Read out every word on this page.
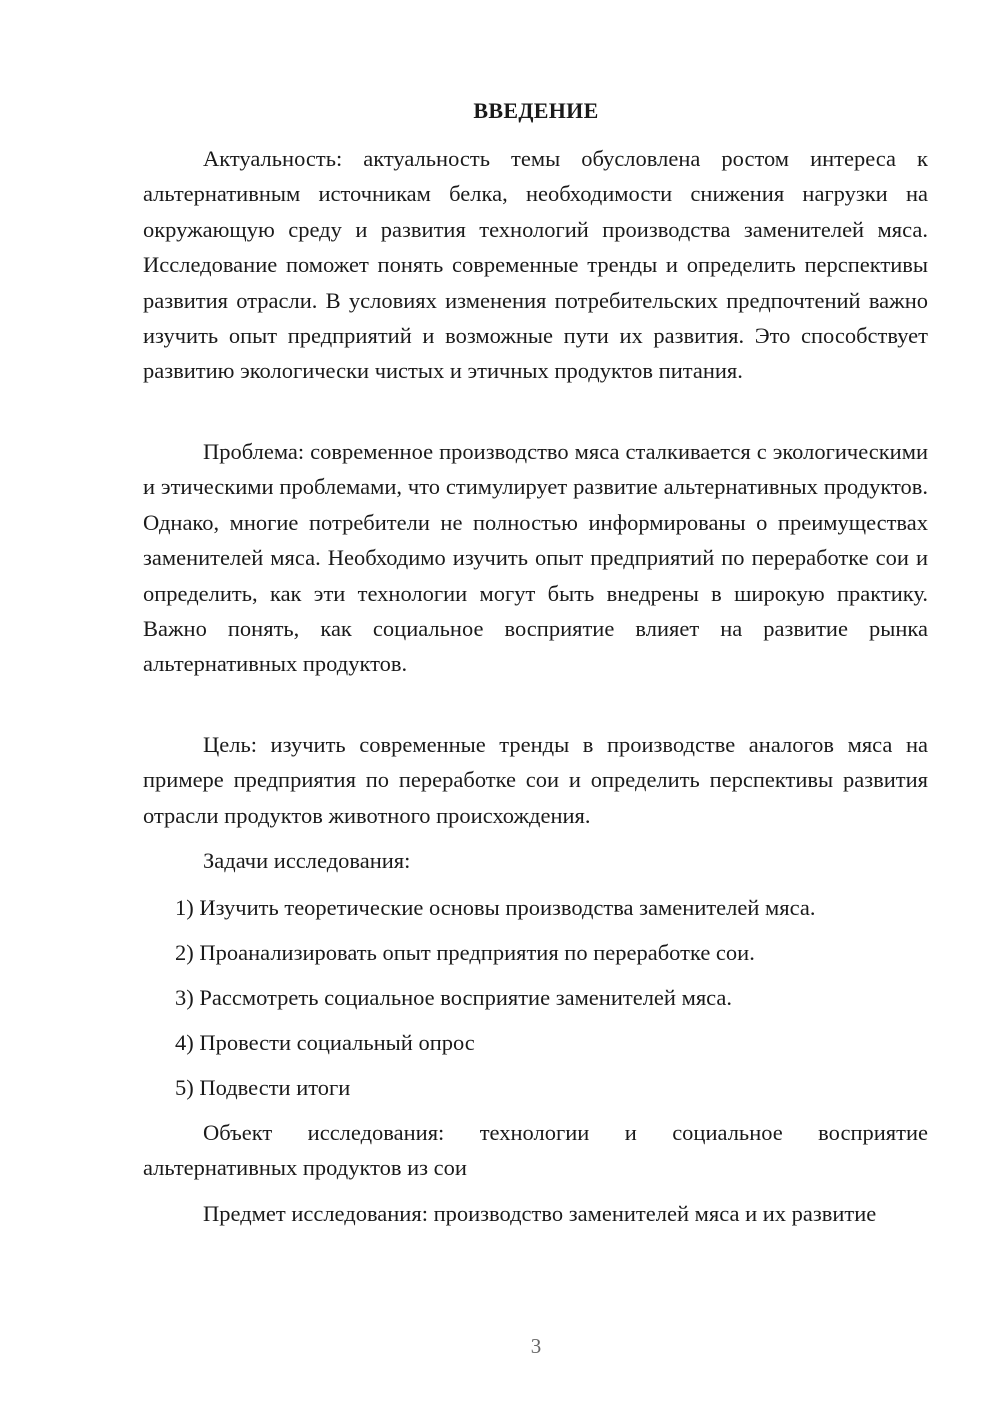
ВВЕДЕНИЕ

Актуальность: актуальность темы обусловлена ростом интереса к альтернативным источникам белка, необходимости снижения нагрузки на окружающую среду и развития технологий производства заменителей мяса. Исследование поможет понять современные тренды и определить перспективы развития отрасли. В условиях изменения потребительских предпочтений важно изучить опыт предприятий и возможные пути их развития. Это способствует развитию экологически чистых и этичных продуктов питания.

Проблема: современное производство мяса сталкивается с экологическими и этическими проблемами, что стимулирует развитие альтернативных продуктов. Однако, многие потребители не полностью информированы о преимуществах заменителей мяса. Необходимо изучить опыт предприятий по переработке сои и определить, как эти технологии могут быть внедрены в широкую практику. Важно понять, как социальное восприятие влияет на развитие рынка альтернативных продуктов.

Цель: изучить современные тренды в производстве аналогов мяса на примере предприятия по переработке сои и определить перспективы развития отрасли продуктов животного происхождения.

Задачи исследования:

1) Изучить теоретические основы производства заменителей мяса.
2) Проанализировать опыт предприятия по переработке сои.
3) Рассмотреть социальное восприятие заменителей мяса.
4) Провести социальный опрос
5) Подвести итоги

Объект исследования: технологии и социальное восприятие альтернативных продуктов из сои

Предмет исследования: производство заменителей мяса и их развитие

3
